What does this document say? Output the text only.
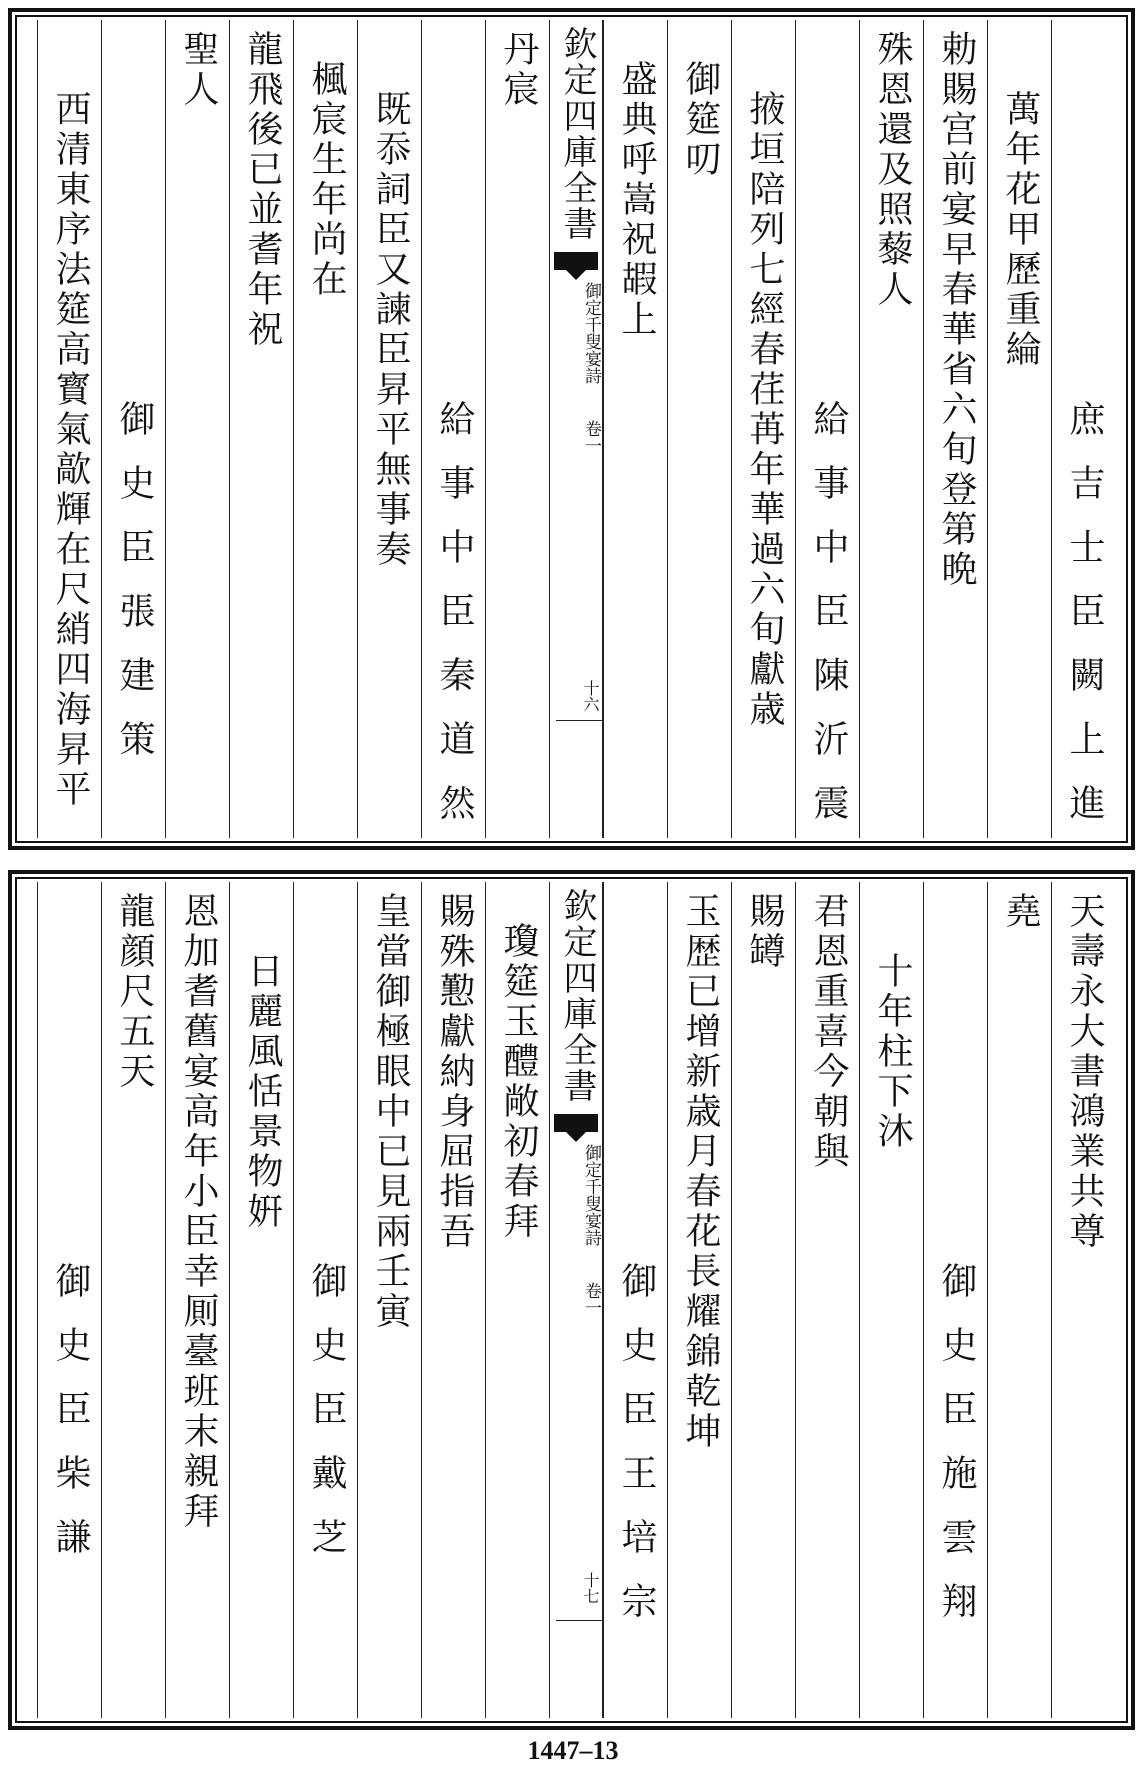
庶吉士臣闕上進
萬年花甲歷重綸
勅賜宫前宴早春華省六旬登第晩
殊恩還及照藜人
給事中臣陳沂震
掖垣陪列七經春荏苒年華過六旬獻歳
御筵叨
盛典呼嵩祝嘏上
欽定四庫全書
御定千叟宴詩
卷一
十六
丹宸
給事中臣秦道然
既忝詞臣又諫臣昇平無事奏
楓宸生年尚在
龍飛後已並耆年祝
聖人
御史臣張建策
西清東序法筵高寳氣歊輝在尺綃四海昇平
天壽永大書鴻業共尊
堯
御史臣施雲翔
十年柱下沐
君恩重喜今朝與
賜罇
玉歴已增新歳月春花長耀錦乾坤
御史臣王培宗
欽定四庫全書
御定千叟宴詩
卷一
十七
瓊筵玉醴敞初春拜
賜殊懃獻納身屈指吾
皇當御極眼中已見兩壬寅
御史臣戴芝
日麗風恬景物姸
恩加耆舊宴高年小臣幸厠臺班末親拜
龍顔尺五天
御史臣柴謙
1447–13
